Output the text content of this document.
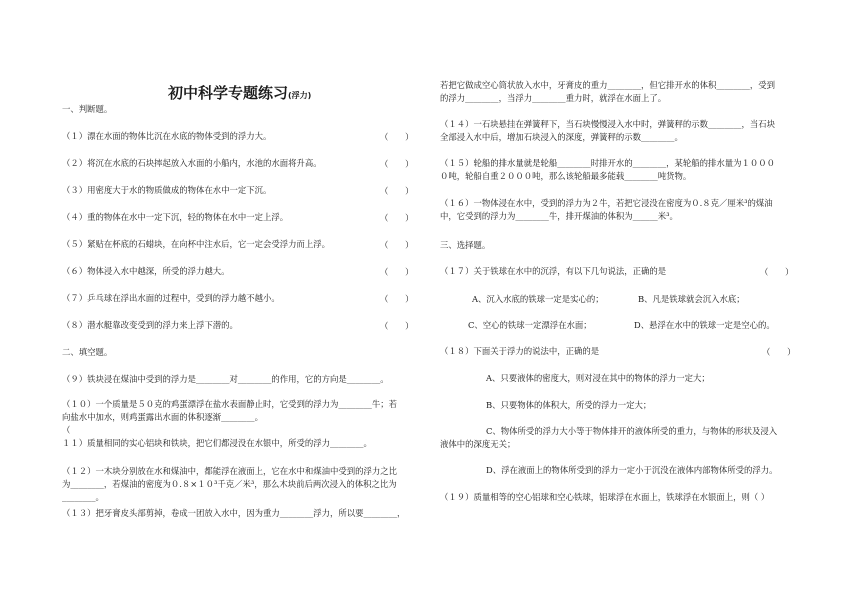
初中科学专题练习(浮力)
一、判断题。
（１）漂在水面的物体比沉在水底的物体受到的浮力大。	（　　）
（２）将沉在水底的石块摔起放入水面的小船内，水池的水面将升高。	（　　）
（３）用密度大于水的物质做成的物体在水中一定下沉。	（　　）
（４）重的物体在水中一定下沉，轻的物体在水中一定上浮。	（　　）
（５）紧贴在杯底的石蜡块，在向杯中注水后，它一定会受浮力而上浮。	（　　）
（６）物体浸入水中越深，所受的浮力越大。	（　　）
（７）乒乓球在浮出水面的过程中，受到的浮力越不越小。	（　　）
（８）潜水艇靠改变受到的浮力来上浮下潜的。	（　　）
二、填空题。
（９）铁块浸在煤油中受到的浮力是________对________的作用，它的方向是________。
（１０）一个质量是５０克的鸡蛋漂浮在盐水表面静止时，它受到的浮力为________牛；若
向盐水中加水，则鸡蛋露出水面的体积逐渐________。
（
１１）质量相同的实心铝块和铁块，把它们都浸没在水银中，所受的浮力________。
（１２）一木块分别放在水和煤油中，都能浮在液面上，它在水中和煤油中受到的浮力之比
为________，若煤油的密度为０.８×１０³千克／米³，那么木块前后两次浸入的体积之比为
________。
（１３）把牙膏皮头部剪掉，卷成一团放入水中，因为重力________浮力，所以要________，
若把它做成空心筒状放入水中，牙膏皮的重力________，但它排开水的体积________，受到
的浮力________，当浮力________重力时，就浮在水面上了。
（１４）一石块悬挂在弹簧秤下，当石块慢慢浸入水中时，弹簧秤的示数________，当石块
全部浸入水中后，增加石块浸入的深度，弹簧秤的示数________。
（１５）轮船的排水量就是轮船________时排开水的________，某轮船的排水量为１０００
０吨，轮船自重２０００吨，那么该轮船最多能载________吨货物。
（１６）一物体浸在水中，受到的浮力为２牛，若把它浸没在密度为０.８克／厘米³的煤油
中，它受到的浮力为________牛，排开煤油的体积为______米³。
三、选择题。
（１７）关于铁球在水中的沉浮，有以下几句说法，正确的是	（　　）
A、沉入水底的铁球一定是实心的；	B、凡是铁球就会沉入水底；
C、空心的铁球一定漂浮在水面；	D、悬浮在水中的铁球一定是空心的。
（１８）下面关于浮力的说法中，正确的是	（　　）
A、只要液体的密度大，则对浸在其中的物体的浮力一定大；
B、只要物体的体积大，所受的浮力一定大；
C、物体所受的浮力大小等于物体排开的液体所受的重力，与物体的形状及浸入
液体中的深度无关；
D、浮在液面上的物体所受到的浮力一定小于沉没在液体内部物体所受的浮力。
（１９）质量相等的空心铝球和空心铁球，铝球浮在水面上，铁球浮在水银面上，则（ ）
